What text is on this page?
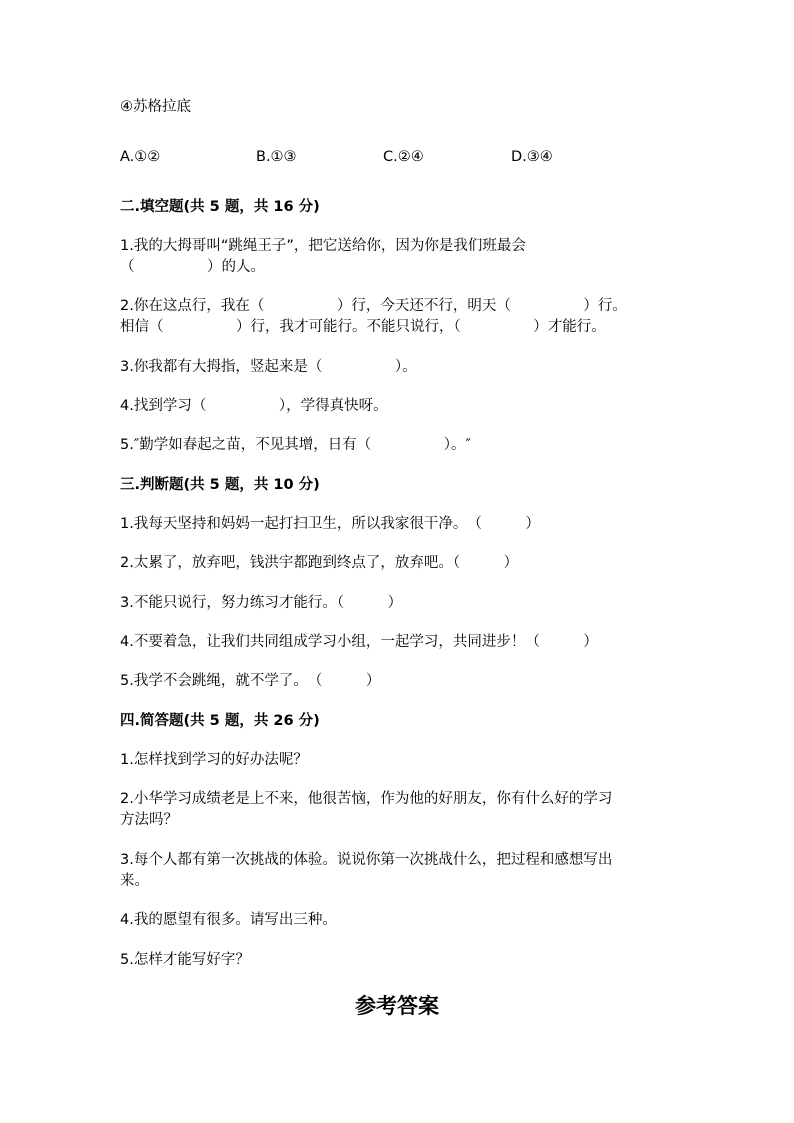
④苏格拉底
A.①②	B.①③	C.②④	D.③④
二.填空题(共 5 题，共 16 分)
1.我的大拇哥叫“跳绳王子”，把它送给你，因为你是我们班最会
（　　　　　）的人。
2.你在这点行，我在（　　　　　）行，今天还不行，明天（　　　　　）行。
相信（　　　　　）行，我才可能行。不能只说行，（　　　　　）才能行。
3.你我都有大拇指，竖起来是（　　　　　）。
4.找到学习（　　　　　），学得真快呀。
5.″勤学如春起之苗，不见其增，日有（　　　　　）。″
三.判断题(共 5 题，共 10 分)
1.我每天坚持和妈妈一起打扫卫生，所以我家很干净。　（　　　）
2.太累了，放弃吧，钱洪宇都跑到终点了，放弃吧。（　　　）
3.不能只说行，努力练习才能行。（　　　）
4.不要着急，让我们共同组成学习小组，一起学习，共同进步！（　　　）
5.我学不会跳绳，就不学了。　（　　　）
四.简答题(共 5 题，共 26 分)
1.怎样找到学习的好办法呢？
2.小华学习成绩老是上不来，他很苦恼，作为他的好朋友，你有什么好的学习
方法吗？
3.每个人都有第一次挑战的体验。说说你第一次挑战什么，把过程和感想写出
来。
4.我的愿望有很多。请写出三种。
5.怎样才能写好字？
参考答案
